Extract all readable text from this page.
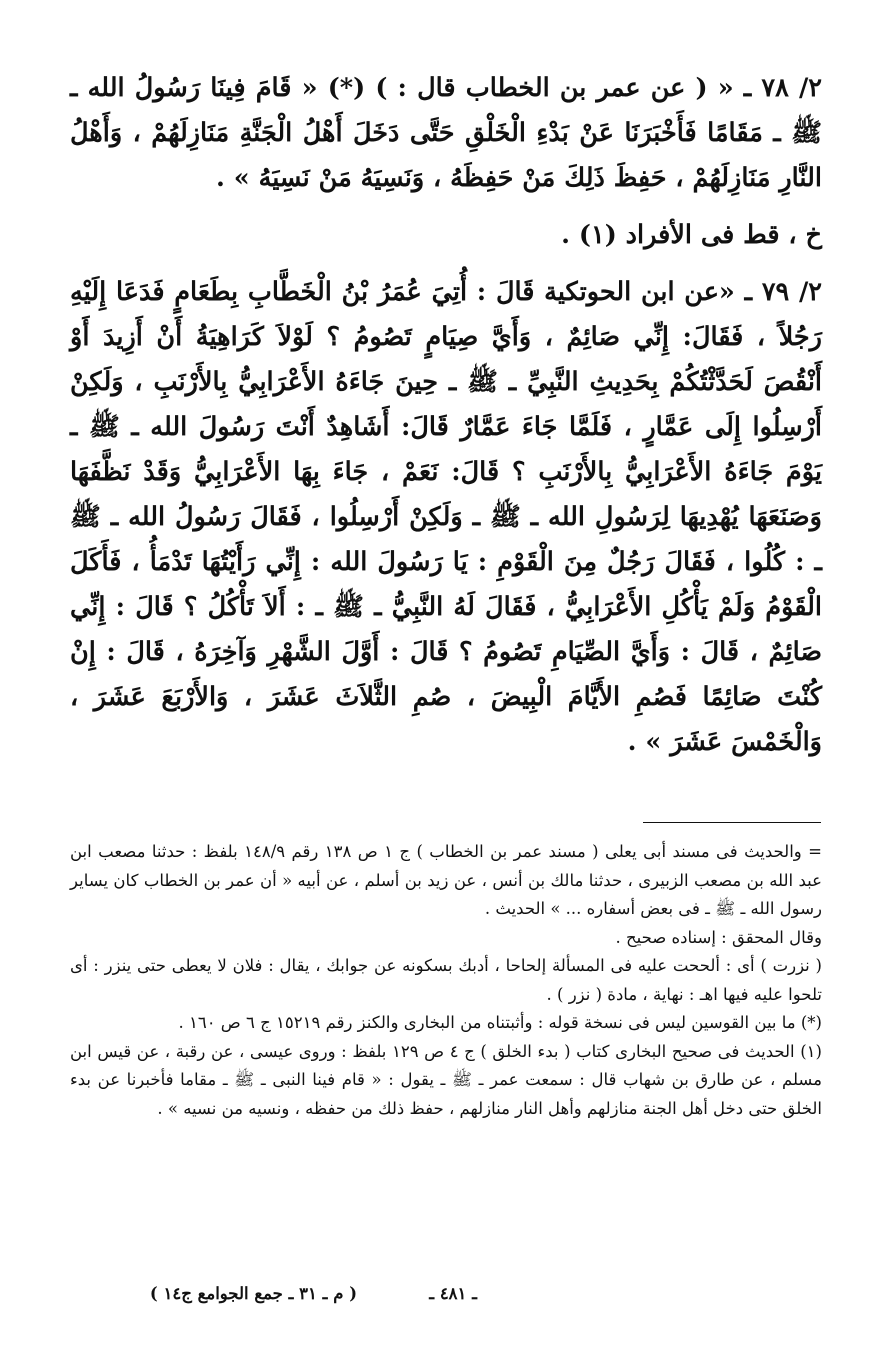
٢/ ٧٨ ـ « ( عن عمر بن الخطاب قال : ) (*) « قَامَ فِينَا رَسُولُ الله ـ ﷺ ـ مَقَامًا فَأَخْبَرَنَا عَنْ بَدْءِ الْخَلْقِ حَتَّى دَخَلَ أَهْلُ الْجَنَّةِ مَنَازِلَهُمْ ، وَأَهْلُ النَّارِ مَنَازِلَهُمْ ، حَفِظَ ذَلِكَ مَنْ حَفِظَهُ ، وَنَسِيَهُ مَنْ نَسِيَهُ » .

خ ، قط فى الأفراد (١) .

٢/ ٧٩ ـ «عن ابن الحوتكية قَالَ : أُتِيَ عُمَرُ بْنُ الْخَطَّابِ بِطَعَامٍ فَدَعَا إِلَيْهِ رَجُلاً ، فَقَالَ: إِنِّي صَائِمٌ ، وَأَيَّ صِيَامٍ تَصُومُ ؟ لَوْلاَ كَرَاهِيَةُ أَنْ أَزِيدَ أَوْ أَنْقُصَ لَحَدَّثْتُكُمْ بِحَدِيثِ النَّبِيِّ ـ ﷺ ـ حِينَ جَاءَهُ الأَعْرَابِيُّ بِالأَرْنَبِ ، وَلَكِنْ أَرْسِلُوا إِلَى عَمَّارٍ ، فَلَمَّا جَاءَ عَمَّارٌ قَالَ: أَشَاهِدٌ أَنْتَ رَسُولَ الله ـ ﷺ ـ يَوْمَ جَاءَهُ الأَعْرَابِيُّ بِالأَرْنَبِ ؟ قَالَ: نَعَمْ ، جَاءَ بِهَا الأَعْرَابِيُّ وَقَدْ نَظَّفَهَا وَصَنَعَهَا يُهْدِيهَا لِرَسُولِ الله ـ ﷺ ـ وَلَكِنْ أَرْسِلُوا ، فَقَالَ رَسُولُ الله ـ ﷺ ـ : كُلُوا ، فَقَالَ رَجُلٌ مِنَ الْقَوْمِ : يَا رَسُولَ الله : إِنِّي رَأَيْتُهَا تَدْمَأُ ، فَأَكَلَ الْقَوْمُ وَلَمْ يَأْكُلِ الأَعْرَابِيُّ ، فَقَالَ لَهُ النَّبِيُّ ـ ﷺ ـ : أَلاَ تَأْكُلُ ؟ قَالَ : إِنِّي صَائِمٌ ، قَالَ : وَأَيَّ الصِّيَامِ تَصُومُ ؟ قَالَ : أَوَّلَ الشَّهْرِ وَآخِرَهُ ، قَالَ : إِنْ كُنْتَ صَائِمًا فَصُمِ الأَيَّامَ الْبِيضَ ، صُمِ الثَّلاَثَ عَشَرَ ، وَالأَرْبَعَ عَشَرَ ، وَالْخَمْسَ عَشَرَ » .

= والحديث فى مسند أبى يعلى ( مسند عمر بن الخطاب ) ج ١ ص ١٣٨ رقم ١٤٨/٩ بلفظ : حدثنا مصعب ابن عبد الله بن مصعب الزبيرى ، حدثنا مالك بن أنس ، عن زيد بن أسلم ، عن أبيه « أن عمر بن الخطاب كان يساير رسول الله ـ ﷺ ـ فى بعض أسفاره ... » الحديث .

وقال المحقق : إسناده صحيح .

( نزرت ) أى : ألححت عليه فى المسألة إلحاحا ، أدبك بسكونه عن جوابك ، يقال : فلان لا يعطى حتى ينزر : أى تلحوا عليه فيها اهـ : نهاية ، مادة ( نزر ) .

(*) ما بين القوسين ليس فى نسخة قوله : وأثبتناه من البخارى والكنز رقم ١٥٢١٩ ج ٦ ص ١٦٠ .

(١) الحديث فى صحيح البخارى كتاب ( بدء الخلق ) ج ٤ ص ١٢٩ بلفظ : وروى عيسى ، عن رقبة ، عن قيس ابن مسلم ، عن طارق بن شهاب قال : سمعت عمر ـ ﷺ ـ يقول : « قام فينا النبى ـ ﷺ ـ مقاما فأخبرنا عن بدء الخلق حتى دخل أهل الجنة منازلهم وأهل النار منازلهم ، حفظ ذلك من حفظه ، ونسيه من نسيه » .

ـ ٤٨١ ـ
( م ـ ٣١ ـ جمع الجوامع ج١٤ )
